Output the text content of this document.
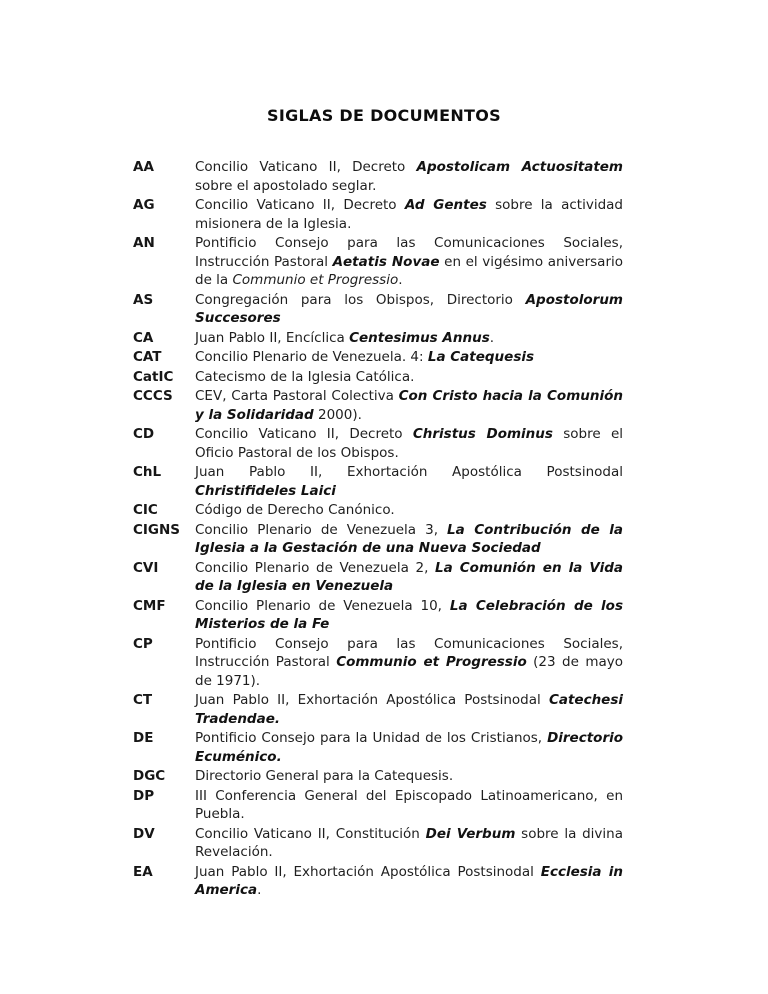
SIGLAS DE DOCUMENTOS
AA	Concilio Vaticano II, Decreto Apostolicam Actuositatem sobre el apostolado seglar.
AG	Concilio Vaticano II, Decreto Ad Gentes sobre la actividad misionera de la Iglesia.
AN	Pontificio Consejo para las Comunicaciones Sociales, Instrucción Pastoral Aetatis Novae en el vigésimo aniversario de la Communio et Progressio.
AS	Congregación para los Obispos, Directorio Apostolorum Succesores
CA	Juan Pablo II, Encíclica Centesimus Annus.
CAT	Concilio Plenario de Venezuela. 4: La Catequesis
CatIC	Catecismo de la Iglesia Católica.
CCCS	CEV, Carta Pastoral Colectiva Con Cristo hacia la Comunión y la Solidaridad 2000).
CD	Concilio Vaticano II, Decreto Christus Dominus sobre el Oficio Pastoral de los Obispos.
ChL	Juan Pablo II, Exhortación Apostólica Postsinodal Christifideles Laici
CIC	Código de Derecho Canónico.
CIGNS	Concilio Plenario de Venezuela 3, La Contribución de la Iglesia a la Gestación de una Nueva Sociedad
CVI	Concilio Plenario de Venezuela 2, La Comunión en la Vida de la Iglesia en Venezuela
CMF	Concilio Plenario de Venezuela 10, La Celebración de los Misterios de la Fe
CP	Pontificio Consejo para las Comunicaciones Sociales, Instrucción Pastoral Communio et Progressio (23 de mayo de 1971).
CT	Juan Pablo II, Exhortación Apostólica Postsinodal Catechesi Tradendae.
DE	Pontificio Consejo para la Unidad de los Cristianos, Directorio Ecuménico.
DGC	Directorio General para la Catequesis.
DP	III Conferencia General del Episcopado Latinoamericano, en Puebla.
DV	Concilio Vaticano II, Constitución Dei Verbum sobre la divina Revelación.
EA	Juan Pablo II, Exhortación Apostólica Postsinodal Ecclesia in America.
